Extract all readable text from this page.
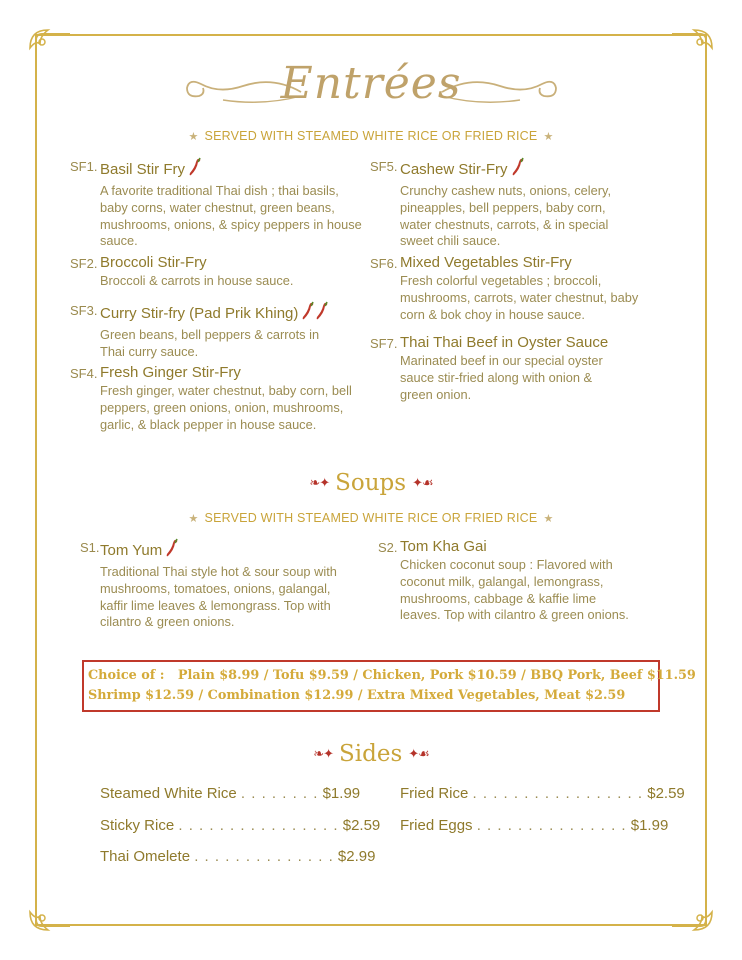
Entrées
★ SERVED WITH STEAMED WHITE RICE OR FRIED RICE ★
SF1. Basil Stir Fry
A favorite traditional Thai dish ; thai basils, baby corns, water chestnut, green beans, mushrooms, onions, & spicy peppers in house sauce.
SF2. Broccoli Stir-Fry
Broccoli & carrots in house sauce.
SF3. Curry Stir-fry (Pad Prik Khing)
Green beans, bell peppers & carrots in Thai curry sauce.
SF4. Fresh Ginger Stir-Fry
Fresh ginger, water chestnut, baby corn, bell peppers, green onions, onion, mushrooms, garlic, & black pepper in house sauce.
SF5. Cashew Stir-Fry
Crunchy cashew nuts, onions, celery, pineapples, bell peppers, baby corn, water chestnuts, carrots, & in special sweet chili sauce.
SF6. Mixed Vegetables Stir-Fry
Fresh colorful vegetables ; broccoli, mushrooms, carrots, water chestnut, baby corn & bok choy in house sauce.
SF7. Thai Thai Beef in Oyster Sauce
Marinated beef in our special oyster sauce stir-fried along with onion & green onion.
❧✦ Soups ✦☙
★ SERVED WITH STEAMED WHITE RICE OR FRIED RICE ★
S1. Tom Yum
Traditional Thai style hot & sour soup with mushrooms, tomatoes, onions, galangal, kaffir lime leaves & lemongrass. Top with cilantro & green onions.
S2. Tom Kha Gai
Chicken coconut soup : Flavored with coconut milk, galangal, lemongrass, mushrooms, cabbage & kaffie lime leaves. Top with cilantro & green onions.
Choice of :   Plain $8.99 / Tofu $9.59 / Chicken, Pork $10.59 / BBQ Pork, Beef $11.59
Shrimp $12.59 / Combination $12.99 / Extra Mixed Vegetables, Meat $2.59
❧✦ Sides ✦☙
Steamed White Rice . . . . . . . . $1.99
Sticky Rice . . . . . . . . . . . . . . . . $2.59
Thai Omelete . . . . . . . . . . . . . . $2.99
Fried Rice . . . . . . . . . . . . . . . . . $2.59
Fried Eggs . . . . . . . . . . . . . . . $1.99
